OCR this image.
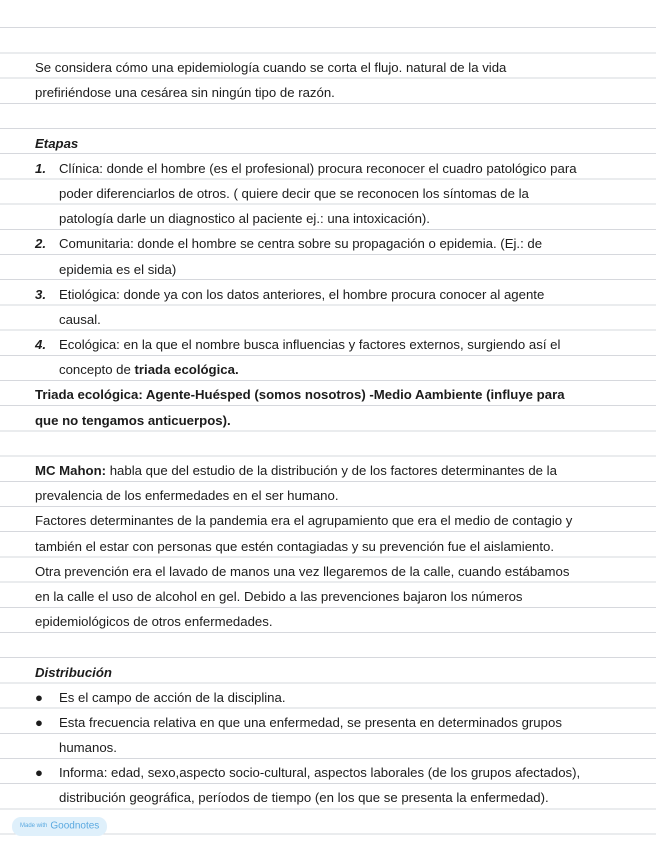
Se considera cómo una epidemiología cuando se corta el flujo. natural de la vida
prefiriéndose una cesárea sin ningún tipo de razón.
Etapas
1. Clínica: donde el hombre (es el profesional) procura reconocer el cuadro patológico para
poder diferenciarlos de otros. ( quiere decir que se reconocen los síntomas de la
patología darle un diagnostico al paciente ej.: una intoxicación).
2. Comunitaria: donde el hombre se centra sobre su propagación o epidemia. (Ej.: de
epidemia es el sida)
3. Etiológica: donde ya con los datos anteriores, el hombre procura conocer al agente
causal.
4. Ecológica: en la que el nombre busca influencias y factores externos, surgiendo así el
concepto de triada ecológica.
Triada ecológica: Agente-Huésped (somos nosotros) -Medio Aambiente (influye para
que no tengamos anticuerpos).
MC Mahon: habla que del estudio de la distribución y de los factores determinantes de la
prevalencia de los enfermedades en el ser humano.
Factores determinantes de la pandemia era el agrupamiento que era el medio de contagio y
también el estar con personas que estén contagiadas y su prevención fue el aislamiento.
Otra prevención era el lavado de manos una vez llegaremos de la calle, cuando estábamos
en la calle el uso de alcohol en gel. Debido a las prevenciones bajaron los números
epidemiológicos de otros enfermedades.
Distribución
● Es el campo de acción de la disciplina.
● Esta frecuencia relativa en que una enfermedad, se presenta en determinados grupos
humanos.
● Informa: edad, sexo,aspecto socio-cultural, aspectos laborales (de los grupos afectados),
distribución geográfica, períodos de tiempo (en los que se presenta la enfermedad).
Made with Goodnotes
